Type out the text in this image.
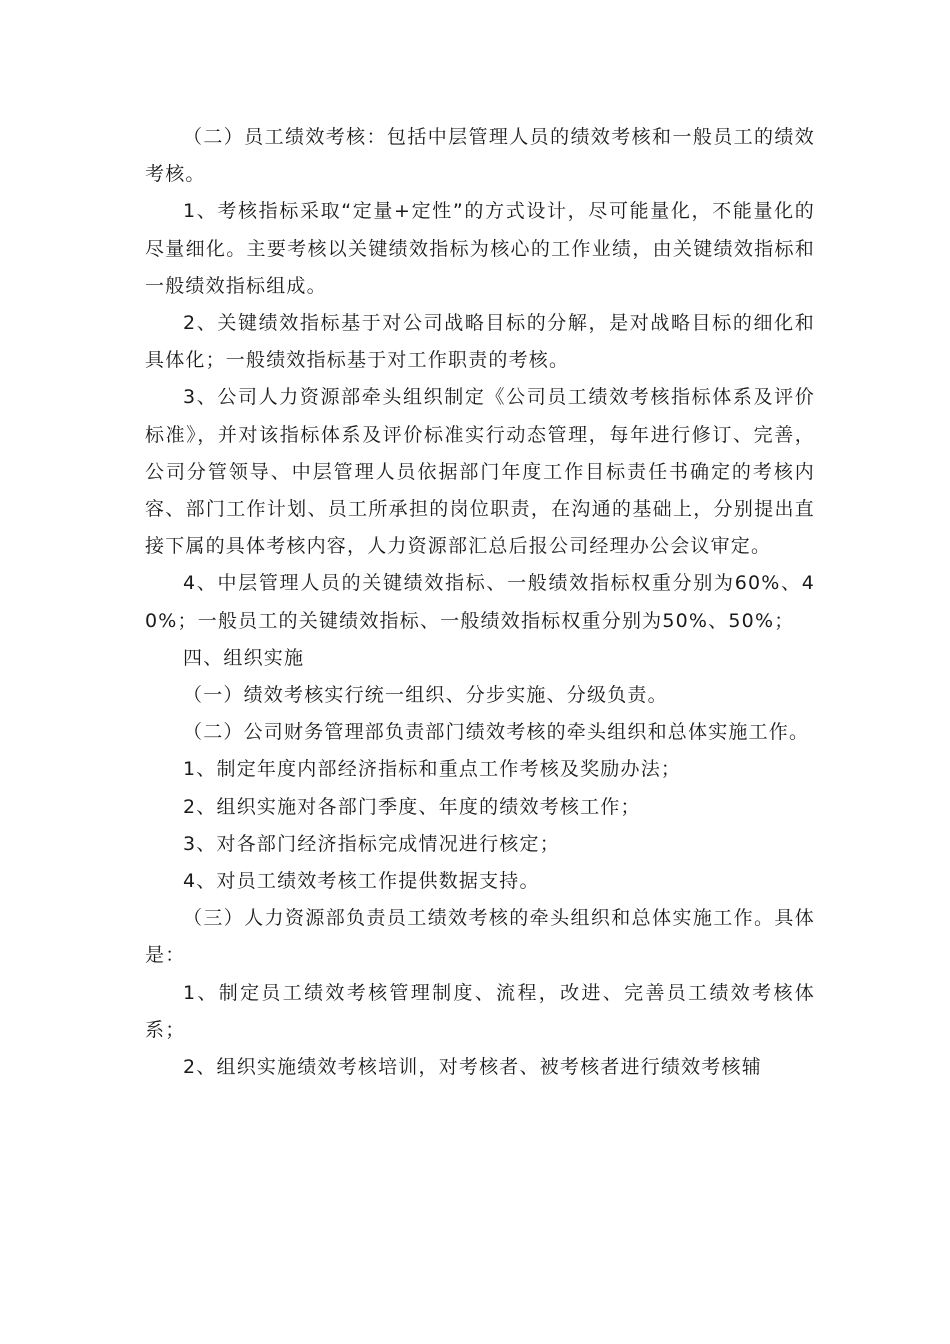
（二）员工绩效考核：包括中层管理人员的绩效考核和一般员工的绩效考核。

1、考核指标采取“定量+定性”的方式设计，尽可能量化，不能量化的尽量细化。主要考核以关键绩效指标为核心的工作业绩，由关键绩效指标和一般绩效指标组成。

2、关键绩效指标基于对公司战略目标的分解，是对战略目标的细化和具体化；一般绩效指标基于对工作职责的考核。

3、公司人力资源部牵头组织制定《公司员工绩效考核指标体系及评价标准》，并对该指标体系及评价标准实行动态管理，每年进行修订、完善，公司分管领导、中层管理人员依据部门年度工作目标责任书确定的考核内容、部门工作计划、员工所承担的岗位职责，在沟通的基础上，分别提出直接下属的具体考核内容，人力资源部汇总后报公司经理办公会议审定。

4、中层管理人员的关键绩效指标、一般绩效指标权重分别为60%、40%；一般员工的关键绩效指标、一般绩效指标权重分别为50%、50%；

四、组织实施

（一）绩效考核实行统一组织、分步实施、分级负责。

（二）公司财务管理部负责部门绩效考核的牵头组织和总体实施工作。

1、制定年度内部经济指标和重点工作考核及奖励办法；

2、组织实施对各部门季度、年度的绩效考核工作；

3、对各部门经济指标完成情况进行核定；

4、对员工绩效考核工作提供数据支持。

（三）人力资源部负责员工绩效考核的牵头组织和总体实施工作。具体是：

1、制定员工绩效考核管理制度、流程，改进、完善员工绩效考核体系；

2、组织实施绩效考核培训，对考核者、被考核者进行绩效考核辅
